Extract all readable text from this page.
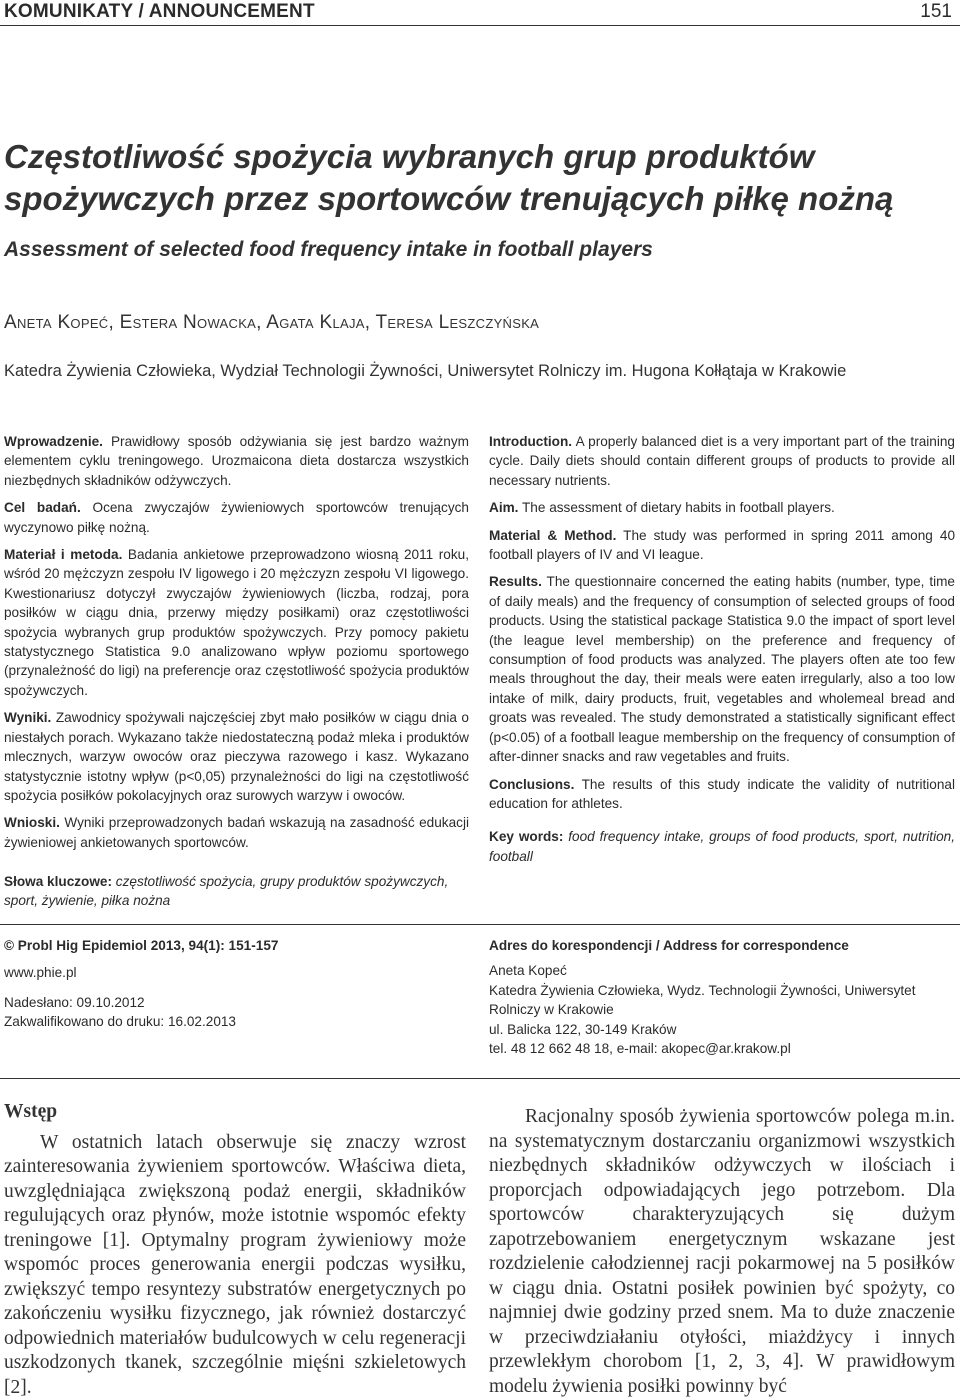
KOMUNIKATY / ANNOUNCEMENT	151
Częstotliwość spożycia wybranych grup produktów
spożywczych przez sportowców trenujących piłkę nożną
Assessment of selected food frequency intake in football players
Aneta Kopeć, Estera Nowacka, Agata Klaja, Teresa Leszczyńska
Katedra Żywienia Człowieka, Wydział Technologii Żywności, Uniwersytet Rolniczy im. Hugona Kołłątaja w Krakowie

Wprowadzenie. Prawidłowy sposób odżywiania się jest bardzo ważnym elementem cyklu treningowego. Urozmaicona dieta dostarcza wszystkich niezbędnych składników odżywczych.

Cel badań. Ocena zwyczajów żywieniowych sportowców trenujących wyczynowo piłkę nożną.

Materiał i metoda. Badania ankietowe przeprowadzono wiosną 2011 roku, wśród 20 mężczyzn zespołu IV ligowego i 20 mężczyzn zespołu VI ligowego. Kwestionariusz dotyczył zwyczajów żywieniowych (liczba, rodzaj, pora posiłków w ciągu dnia, przerwy między posiłkami) oraz częstotliwości spożycia wybranych grup produktów spożywczych. Przy pomocy pakietu statystycznego Statistica 9.0 analizowano wpływ poziomu sportowego (przynależność do ligi) na preferencje oraz częstotliwość spożycia produktów spożywczych.

Wyniki. Zawodnicy spożywali najczęściej zbyt mało posiłków w ciągu dnia o niestałych porach. Wykazano także niedostateczną podaż mleka i produktów mlecznych, warzyw owoców oraz pieczywa razowego i kasz. Wykazano statystycznie istotny wpływ (p<0,05) przynależności do ligi na częstotliwość spożycia posiłków pokolacyjnych oraz surowych warzyw i owoców.

Wnioski. Wyniki przeprowadzonych badań wskazują na zasadność edukacji żywieniowej ankietowanych sportowców.

Słowa kluczowe: częstotliwość spożycia, grupy produktów spożywczych, sport, żywienie, piłka nożna

Introduction. A properly balanced diet is a very important part of the training cycle. Daily diets should contain different groups of products to provide all necessary nutrients.

Aim. The assessment of dietary habits in football players.

Material & Method. The study was performed in spring 2011 among 40 football players of IV and VI league.

Results. The questionnaire concerned the eating habits (number, type, time of daily meals) and the frequency of consumption of selected groups of food products. Using the statistical package Statistica 9.0 the impact of sport level (the league level membership) on the preference and frequency of consumption of food products was analyzed. The players often ate too few meals throughout the day, their meals were eaten irregularly, also a too low intake of milk, dairy products, fruit, vegetables and wholemeal bread and groats was revealed. The study demonstrated a statistically significant effect (p<0.05) of a football league membership on the frequency of consumption of after-dinner snacks and raw vegetables and fruits.

Conclusions. The results of this study indicate the validity of nutritional education for athletes.

Key words: food frequency intake, groups of food products, sport, nutrition, football

© Probl Hig Epidemiol 2013, 94(1): 151-157
www.phie.pl
Nadesłano: 09.10.2012
Zakwalifikowano do druku: 16.02.2013
Adres do korespondencji / Address for correspondence
Aneta Kopeć
Katedra Żywienia Człowieka, Wydz. Technologii Żywności, Uniwersytet Rolniczy w Krakowie
ul. Balicka 122, 30-149 Kraków
tel. 48 12 662 48 18, e-mail: akopec@ar.krakow.pl
Wstęp

W ostatnich latach obserwuje się znaczy wzrost zainteresowania żywieniem sportowców. Właściwa dieta, uwzględniająca zwiększoną podaż energii, składników regulujących oraz płynów, może istotnie wspomóc efekty treningowe [1]. Optymalny program żywieniowy może wspomóc proces generowania energii podczas wysiłku, zwiększyć tempo resyntezy substratów energetycznych po zakończeniu wysiłku fizycznego, jak również dostarczyć odpowiednich materiałów budulcowych w celu regeneracji uszkodzonych tkanek, szczególnie mięśni szkieletowych [2].

Racjonalny sposób żywienia sportowców polega m.in. na systematycznym dostarczaniu organizmowi wszystkich niezbędnych składników odżywczych w ilościach i proporcjach odpowiadających jego potrzebom. Dla sportowców charakteryzujących się dużym zapotrzebowaniem energetycznym wskazane jest rozdzielenie całodziennej racji pokarmowej na 5 posiłków w ciągu dnia. Ostatni posiłek powinien być spożyty, co najmniej dwie godziny przed snem. Ma to duże znaczenie w przeciwdziałaniu otyłości, miażdżycy i innych przewlekłym chorobom [1, 2, 3, 4]. W prawidłowym modelu żywienia posiłki powinny być
